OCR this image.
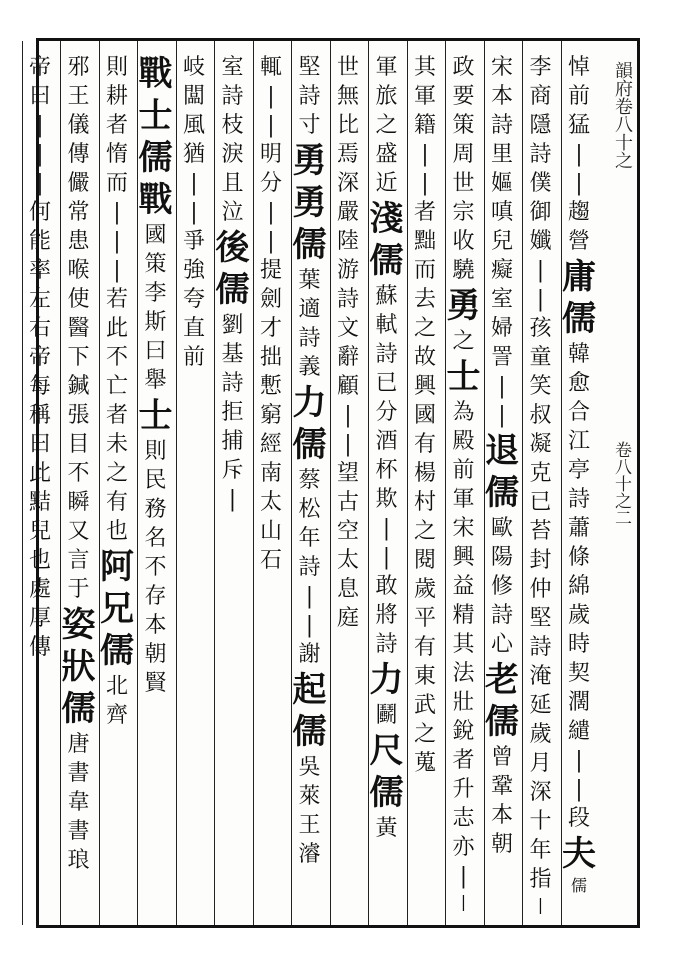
韻府卷八十之
卷八十之二
悼
前
猛
|
|
趨
營
庸
儒
韓
愈
合
江
亭
詩
蕭
條
綿
歲
時
契
濶
繾
|
|
段
夫
儒
李
商
隱
詩
僕
御
孅
|
|
孩
童
笑
叔
凝
克
已
苔
封
仲
堅
詩
淹
延
歲
月
深
十
年
指
|
宋
本
詩
里
嫗
嗔
兒
癡
室
婦
詈
|
|
退
儒
歐
陽
修
詩
心
老
儒
曾
鞏
本
朝
政
要
策
周
世
宗
收
驍
勇
之
士
為
殿
前
軍
宋
興
益
精
其
法
壯
銳
者
升
志
亦
|
|
其
軍
籍
|
|
者
黜
而
去
之
故
興
國
有
楊
村
之
閱
歲
平
有
東
武
之
蒐
軍
旅
之
盛
近
淺
儒
蘇
軾
詩
已
分
酒
杯
欺
|
|
敢
將
詩
力
鬬
尺
儒
黃
世
無
比
焉
深
嚴
陸
游
詩
文
辭
顧
|
|
望
古
空
太
息
庭
堅
詩
寸
勇
勇
儒
葉
適
詩
義
力
儒
蔡
松
年
詩
|
|
謝
起
儒
吳
萊
王
濬
輒
|
|
明
分
|
|
提
劍
才
拙
慙
窮
經
南
太
山
石
室
詩
枝
淚
且
泣
後
儒
劉
基
詩
拒
捕
斥
|
岐
闆
風
猶
|
|
爭
強
夸
直
前
戰
士
儒
戰
國
策
李
斯
曰
舉
士
則
民
務
名
不
存
本
朝
賢
則
耕
者
惰
而
|
|
|
若
此
不
亡
者
未
之
有
也
阿
兄
儒
北
齊
邪
王
儀
傳
儼
常
患
喉
使
醫
下
鍼
張
目
不
瞬
又
言
于
姿
狀
儒
唐
書
韋
書
琅
帝
曰
|
|
|
何
能
率
左
右
帝
每
稱
曰
此
黠
兒
也
處
厚
傳
